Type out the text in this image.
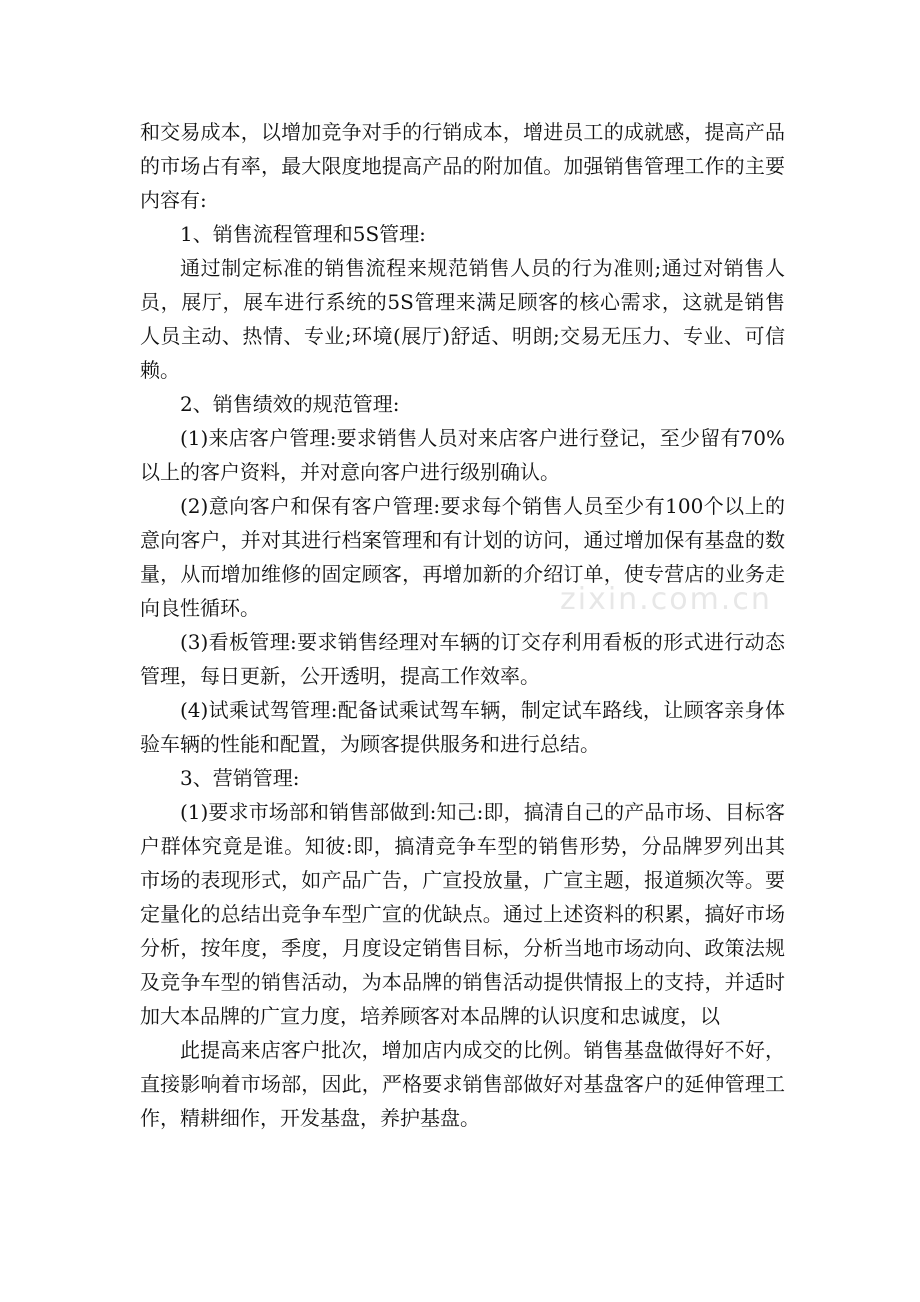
和交易成本，以增加竞争对手的行销成本，增进员工的成就感，提高产品的市场占有率，最大限度地提高产品的附加值。加强销售管理工作的主要内容有:

1、销售流程管理和5S管理:

通过制定标准的销售流程来规范销售人员的行为准则;通过对销售人员，展厅，展车进行系统的5S管理来满足顾客的核心需求，这就是销售人员主动、热情、专业;环境(展厅)舒适、明朗;交易无压力、专业、可信赖。

2、销售绩效的规范管理:

(1)来店客户管理:要求销售人员对来店客户进行登记，至少留有70%以上的客户资料，并对意向客户进行级别确认。

(2)意向客户和保有客户管理:要求每个销售人员至少有100个以上的意向客户，并对其进行档案管理和有计划的访问，通过增加保有基盘的数量，从而增加维修的固定顾客，再增加新的介绍订单，使专营店的业务走向良性循环。

(3)看板管理:要求销售经理对车辆的订交存利用看板的形式进行动态管理，每日更新，公开透明，提高工作效率。

(4)试乘试驾管理:配备试乘试驾车辆，制定试车路线，让顾客亲身体验车辆的性能和配置，为顾客提供服务和进行总结。

3、营销管理:

(1)要求市场部和销售部做到:知己:即，搞清自己的产品市场、目标客户群体究竟是谁。知彼:即，搞清竞争车型的销售形势，分品牌罗列出其市场的表现形式，如产品广告，广宣投放量，广宣主题，报道频次等。要定量化的总结出竞争车型广宣的优缺点。通过上述资料的积累，搞好市场分析，按年度，季度，月度设定销售目标，分析当地市场动向、政策法规及竞争车型的销售活动，为本品牌的销售活动提供情报上的支持，并适时加大本品牌的广宣力度，培养顾客对本品牌的认识度和忠诚度，以

此提高来店客户批次，增加店内成交的比例。销售基盘做得好不好，直接影响着市场部，因此，严格要求销售部做好对基盘客户的延伸管理工作，精耕细作，开发基盘，养护基盘。

zixin.com.cn
